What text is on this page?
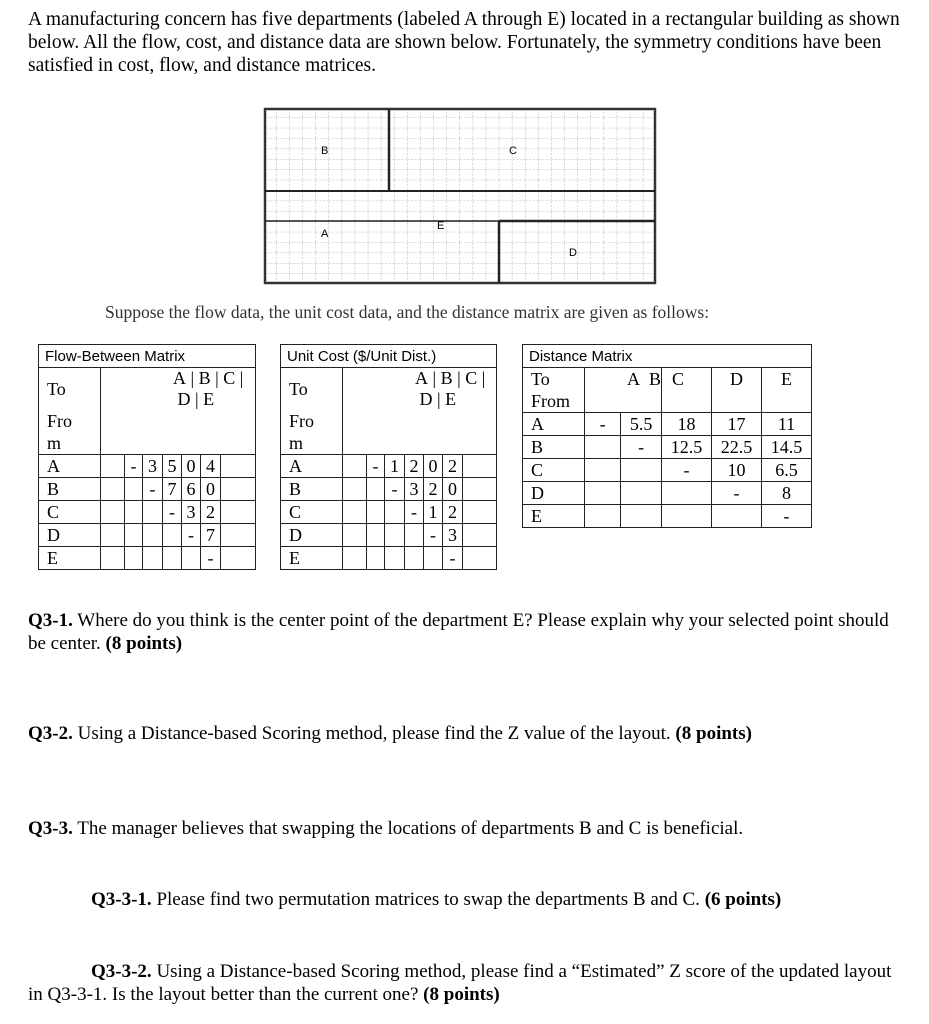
A manufacturing concern has five departments (labeled A through E) located in a rectangular building as shown below. All the flow, cost, and distance data are shown below. Fortunately, the symmetry conditions have been satisfied in cost, flow, and distance matrices.

B	C
A
E
D

Suppose the flow data, the unit cost data, and the distance matrix are given as follows:

Flow-Between Matrix							
To	A | B | C | D | E						
Fro							
m							
A		-	3	5	0	4	
B			-	7	6	0	
C				-	3	2	
D					-	7	
E						-	
Unit Cost ($/Unit Dist.)							
To	A | B | C | D | E						
Fro							
m							
A		-	1	2	0	2	
B			-	3	2	0	
C				-	1	2	
D					-	3	
E						-	
Distance Matrix					
To	A B		C	D	E
From					
A	-	5.5	18	17	11
B		-	12.5	22.5	14.5
C			-	10	6.5
D				-	8
E					-

Q3-1. Where do you think is the center point of the department E? Please explain why your selected point should be center. (8 points)

Q3-2. Using a Distance-based Scoring method, please find the Z value of the layout. (8 points)

Q3-3. The manager believes that swapping the locations of departments B and C is beneficial.

Q3-3-1. Please find two permutation matrices to swap the departments B and C. (6 points)

Q3-3-2. Using a Distance-based Scoring method, please find a “Estimated” Z score of the updated layout in Q3-3-1. Is the layout better than the current one? (8 points)
